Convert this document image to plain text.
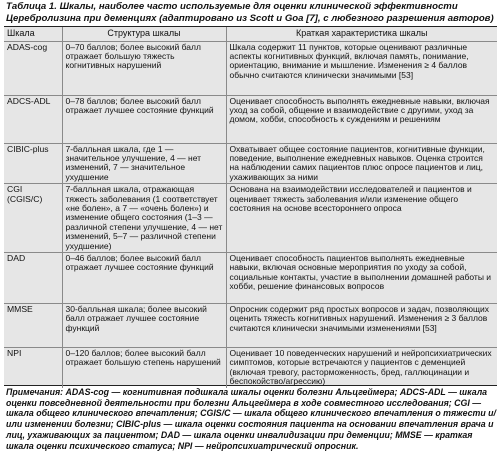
Таблица 1. Шкалы, наиболее часто используемые для оценки клинической эффективности Церебролизина при деменциях (адаптировано из Scott и Goa [7], с любезного разрешения авторов)
Шкала	Структура шкалы	Краткая характеристика шкалы
ADAS-cog	0–70 баллов; более высокий балл отражает большую тяжесть когнитивных нарушений	Шкала содержит 11 пунктов, которые оценивают различные аспекты когнитивных функций, включая память, понимание, ориентацию, внимание и мышление. Изменения ≥ 4 баллов обычно считаются клинически значимыми [53]
ADCS-ADL	0–78 баллов; более высокий балл отражает лучшее состояние функций	Оценивает способность выполнять ежедневные навыки, включая уход за собой, общение и взаимодействие с другими, уход за домом, хобби, способность к суждениям и решениям
CIBIC-plus	7-балльная шкала, где 1 — значительное улучшение, 4 — нет изменений, 7 — значительное ухудшение	Охватывает общее состояние пациентов, когнитивные функции, поведение, выполнение ежедневных навыков. Оценка строится на наблюдении самих пациентов плюс опросе пациентов и лиц, ухаживающих за ними
CGI (CGIS/C)	7-балльная шкала, отражающая тяжесть заболевания (1 соответствует «не болен», а 7 — «очень болен») и изменение общего состояния (1–3 — различной степени улучшение, 4 — нет изменений, 5–7 — различной степени ухудшение)	Основана на взаимодействии исследователей и пациентов и оценивает тяжесть заболевания и/или изменение общего состояния на основе всестороннего опроса
DAD	0–46 баллов; более высокий балл отражает лучшее состояние функций	Оценивает способность пациентов выполнять ежедневные навыки, включая основные мероприятия по уходу за собой, социальные контакты, участие в выполнении домашней работы и хобби, решение финансовых вопросов
MMSE	30-балльная шкала; более высокий балл отражает лучшее состояние функций	Опросник содержит ряд простых вопросов и задач, позволяющих оценить тяжесть когнитивных нарушений. Изменения ≥ 3 баллов считаются клинически значимыми изменениями [53]
NPI	0–120 баллов; более высокий балл отражает большую степень нарушений	Оценивает 10 поведенческих нарушений и нейропсихиатрических симптомов, которые встречаются у пациентов с деменцией (включая тревогу, расторможенность, бред, галлюцинации и беспокойство/агрессию)
Примечания: ADAS-cog — когнитивная подшкала шкалы оценки болезни Альцгеймера; ADCS-ADL — шкала оценки повседневной деятельности при болезни Альцгеймера в ходе совместного исследования; CGI — шкала общего клинического впечатления; CGIS/C — шкала общего клинического впечатления о тяжести и/или изменении болезни; CIBIC-plus — шкала оценки состояния пациента на основании впечатления врача и лиц, ухаживающих за пациентом; DAD — шкала оценки инвалидизации при деменции; MMSE — краткая шкала оценки психического статуса; NPI — нейропсихиатрический опросник.
